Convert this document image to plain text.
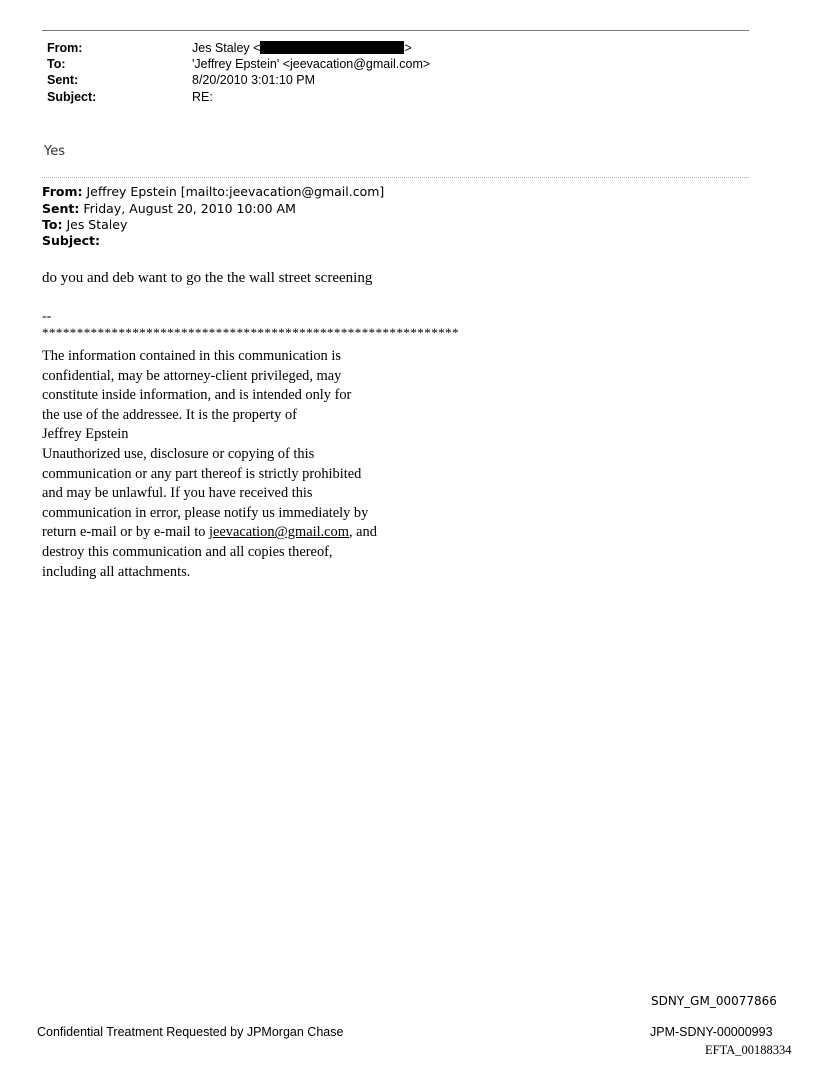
From:	Jes Staley <	>
To:	'Jeffrey Epstein' <jeevacation@gmail.com>
Sent:	8/20/2010 3:01:10 PM
Subject:	RE:
Yes
From: Jeffrey Epstein [mailto:jeevacation@gmail.com]
Sent: Friday, August 20, 2010 10:00 AM
To: Jes Staley
Subject:
do you and deb want to go the the wall street screening
--
************************************************************
The information contained in this communication is
confidential, may be attorney-client privileged, may
constitute inside information, and is intended only for
the use of the addressee. It is the property of
Jeffrey Epstein
Unauthorized use, disclosure or copying of this
communication or any part thereof is strictly prohibited
and may be unlawful. If you have received this
communication in error, please notify us immediately by
return e-mail or by e-mail to jeevacation@gmail.com, and
destroy this communication and all copies thereof,
including all attachments.
SDNY_GM_00077866
Confidential Treatment Requested by JPMorgan Chase	JPM-SDNY-00000993
EFTA_00188334
